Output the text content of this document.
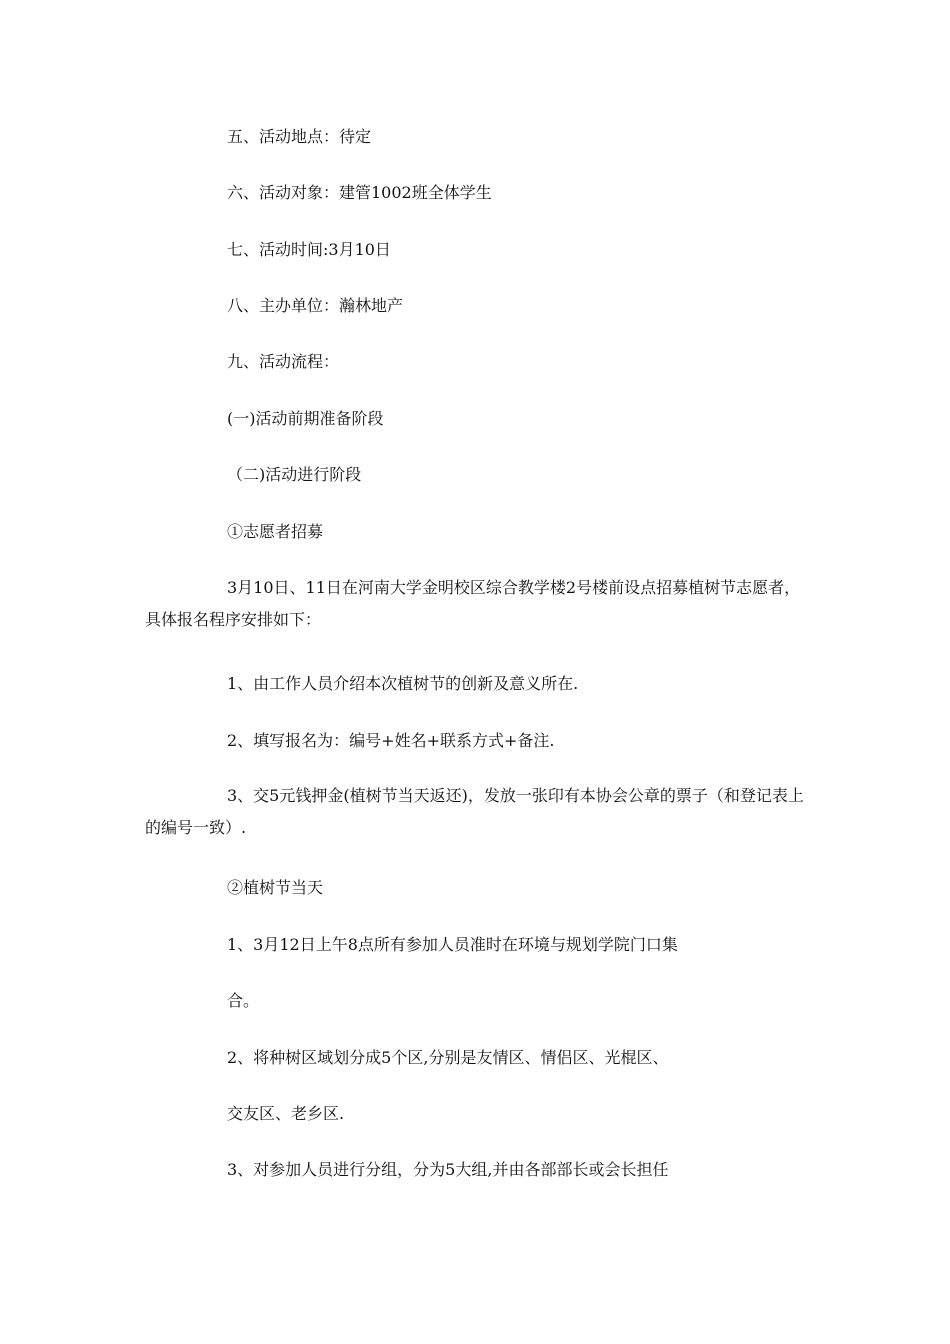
五、活动地点：待定
六、活动对象：建管1002班全体学生
七、活动时间:3月10日
八、主办单位：瀚林地产
九、活动流程：
(一)活动前期准备阶段
（二)活动进行阶段
①志愿者招募
3月10日、11日在河南大学金明校区综合教学楼2号楼前设点招募植树节志愿者，具体报名程序安排如下：
1、由工作人员介绍本次植树节的创新及意义所在.
2、填写报名为：编号+姓名+联系方式+备注.
3、交5元钱押金(植树节当天返还)，发放一张印有本协会公章的票子（和登记表上的编号一致）.
②植树节当天
1、3月12日上午8点所有参加人员准时在环境与规划学院门口集
合。
2、将种树区域划分成5个区,分别是友情区、情侣区、光棍区、
交友区、老乡区.
3、对参加人员进行分组，分为5大组,并由各部部长或会长担任
